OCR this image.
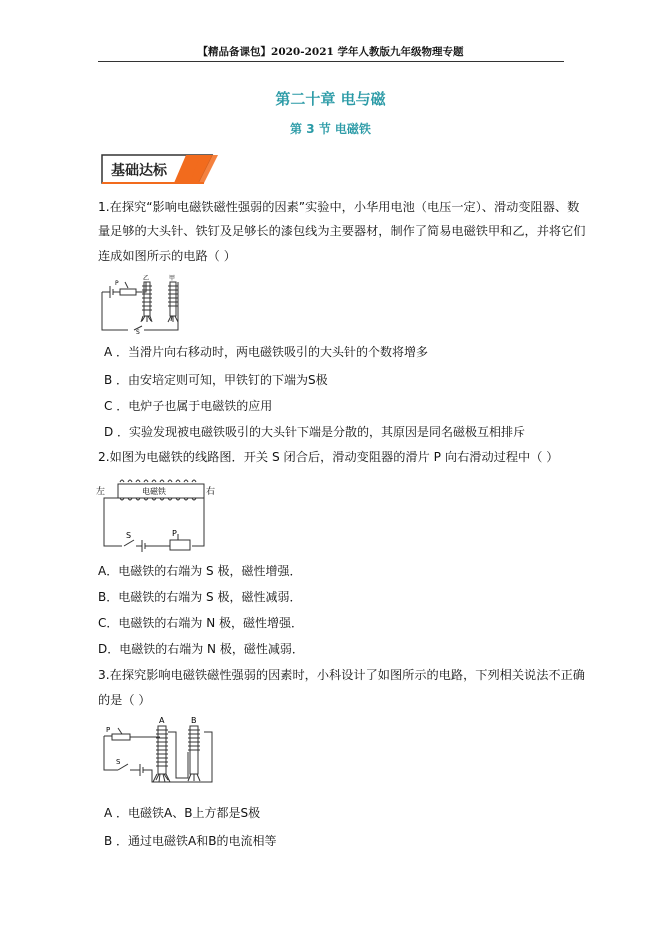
【精品备课包】2020-2021 学年人教版九年级物理专题
第二十章 电与磁
第 3 节 电磁铁
基础达标
1.在探究“影响电磁铁磁性强弱的因素”实验中，小华用电池（电压一定）、滑动变阻器、数
量足够的大头针、铁钉及足够长的漆包线为主要器材，制作了简易电磁铁甲和乙，并将它们
连成如图所示的电路（ ）
P
乙	甲
S
A ．当滑片向右移动时，两电磁铁吸引的大头针的个数将增多
B ．由安培定则可知，甲铁钉的下端为S极
C ．电炉子也属于电磁铁的应用
D ．实验发现被电磁铁吸引的大头针下端是分散的，其原因是同名磁极互相排斥
2.如图为电磁铁的线路图．开关 S 闭合后，滑动变阻器的滑片 P 向右滑动过程中（ ）
左	右
电磁铁
S	P
A．电磁铁的右端为 S 极，磁性增强．
B．电磁铁的右端为 S 极，磁性减弱．
C．电磁铁的右端为 N 极，磁性增强．
D．电磁铁的右端为 N 极，磁性减弱．
3.在探究影响电磁铁磁性强弱的因素时，小科设计了如图所示的电路，下列相关说法不正确
的是（ ）
A	B
P
S
A ．电磁铁A、B上方都是S极
B ．通过电磁铁A和B的电流相等
